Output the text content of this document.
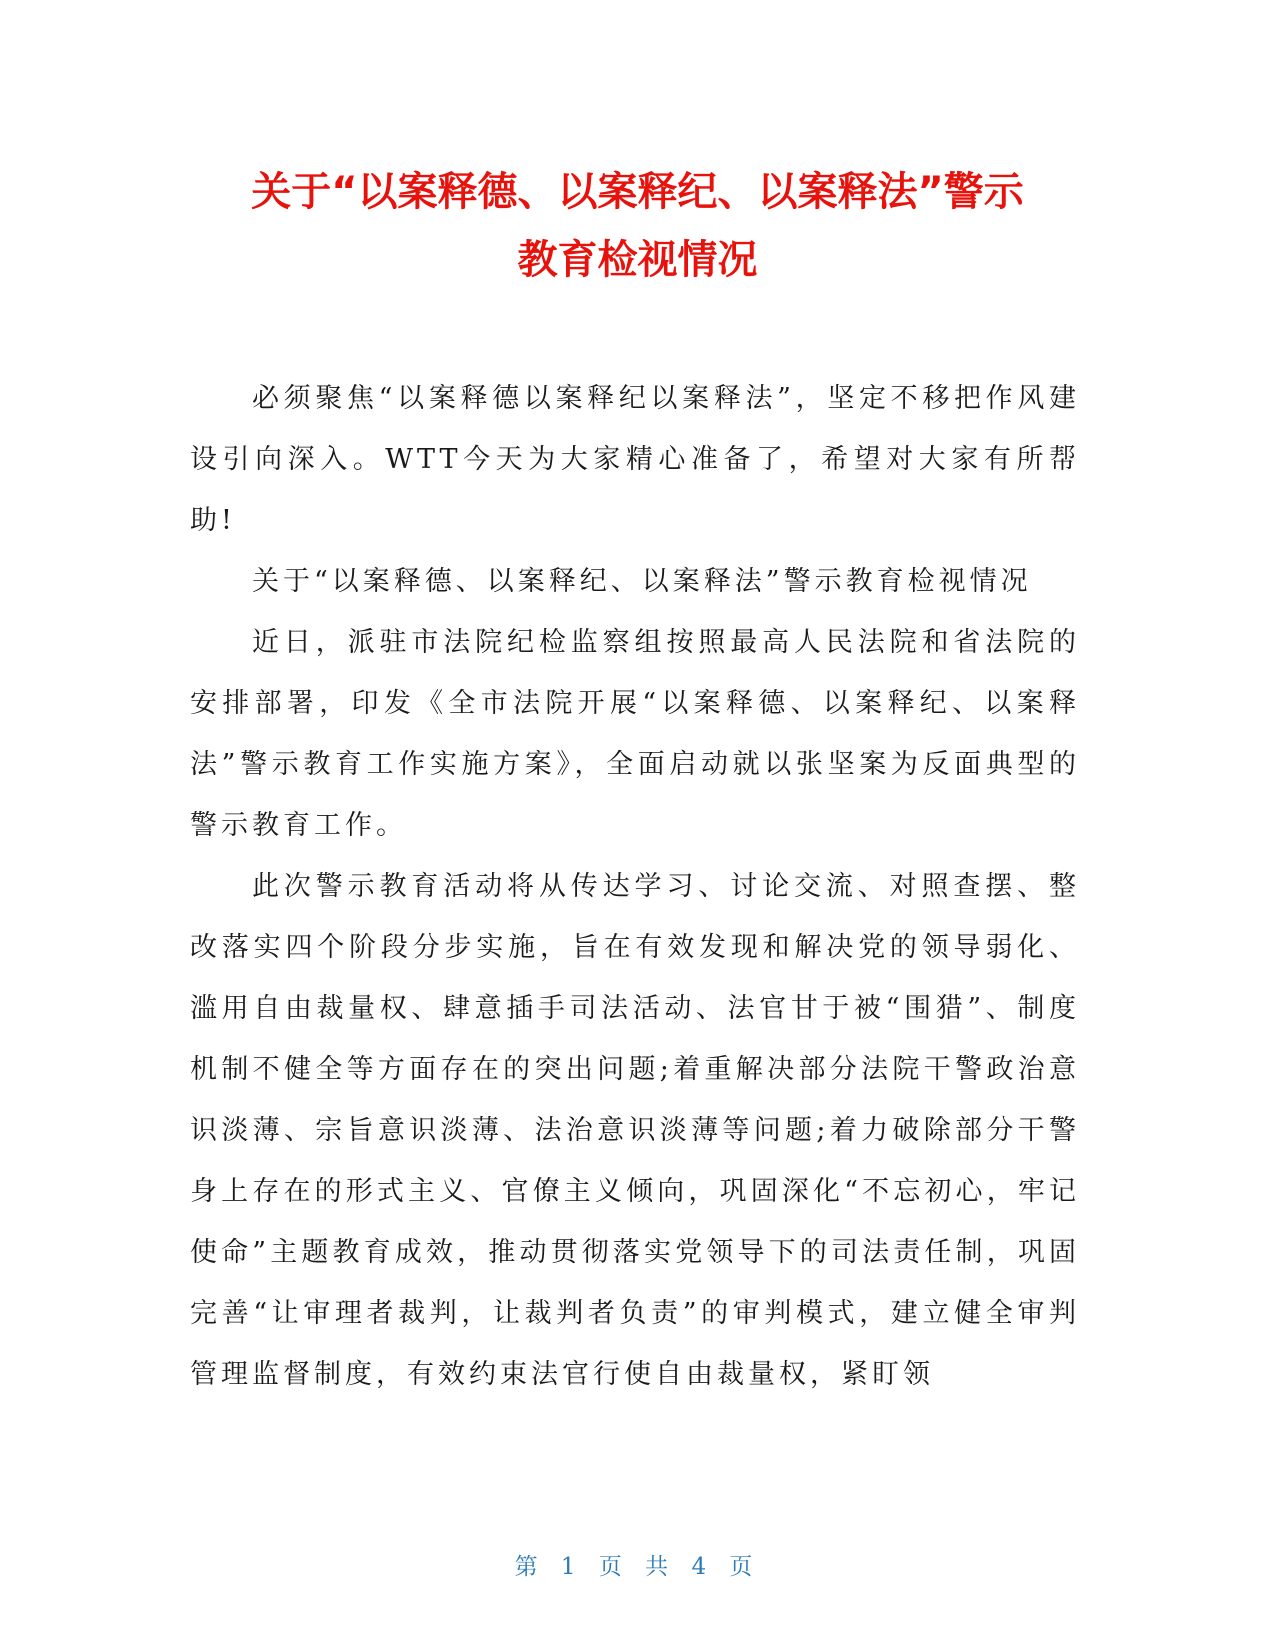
关于“以案释德、以案释纪、以案释法”警示
教育检视情况

必须聚焦“以案释德以案释纪以案释法”，坚定不移把作风建设引向深入。WTT今天为大家精心准备了，希望对大家有所帮助!

关于“以案释德、以案释纪、以案释法”警示教育检视情况

近日，派驻市法院纪检监察组按照最高人民法院和省法院的安排部署，印发《全市法院开展“以案释德、以案释纪、以案释法”警示教育工作实施方案》，全面启动就以张坚案为反面典型的警示教育工作。

此次警示教育活动将从传达学习、讨论交流、对照查摆、整改落实四个阶段分步实施，旨在有效发现和解决党的领导弱化、滥用自由裁量权、肆意插手司法活动、法官甘于被“围猎”、制度机制不健全等方面存在的突出问题;着重解决部分法院干警政治意识淡薄、宗旨意识淡薄、法治意识淡薄等问题;着力破除部分干警身上存在的形式主义、官僚主义倾向，巩固深化“不忘初心，牢记使命”主题教育成效，推动贯彻落实党领导下的司法责任制，巩固完善“让审理者裁判，让裁判者负责”的审判模式，建立健全审判管理监督制度，有效约束法官行使自由裁量权，紧盯领

第 1 页 共 4 页
